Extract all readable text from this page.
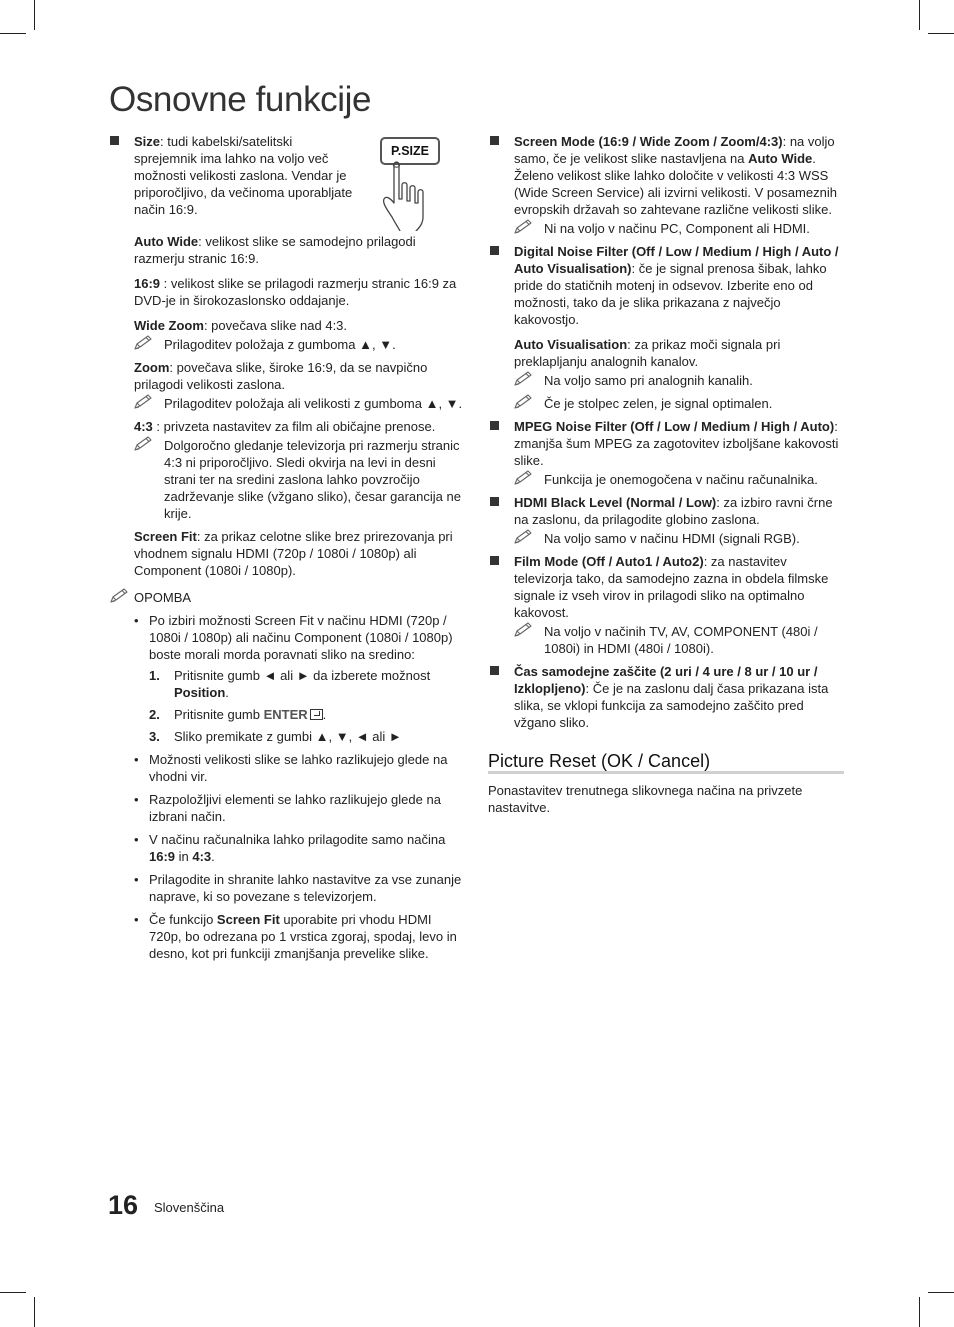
Osnovne funkcije
Size: tudi kabelski/satelitski sprejemnik ima lahko na voljo več možnosti velikosti zaslona. Vendar je priporočljivo, da večinoma uporabljate način 16:9.
P.SIZE
Auto Wide: velikost slike se samodejno prilagodi razmerju stranic 16:9.
16:9 : velikost slike se prilagodi razmerju stranic 16:9 za DVD-je in širokozaslonsko oddajanje.
Wide Zoom: povečava slike nad 4:3.
Prilagoditev položaja z gumboma ▲, ▼.
Zoom: povečava slike, široke 16:9, da se navpično prilagodi velikosti zaslona.
Prilagoditev položaja ali velikosti z gumboma ▲, ▼.
4:3 : privzeta nastavitev za film ali običajne prenose.
Dolgoročno gledanje televizorja pri razmerju stranic 4:3 ni priporočljivo. Sledi okvirja na levi in desni strani ter na sredini zaslona lahko povzročijo zadrževanje slike (vžgano sliko), česar garancija ne krije.
Screen Fit: za prikaz celotne slike brez prirezovanja pri vhodnem signalu HDMI (720p / 1080i / 1080p) ali Component (1080i / 1080p).
OPOMBA
• Po izbiri možnosti Screen Fit v načinu HDMI (720p / 1080i / 1080p) ali načinu Component (1080i / 1080p) boste morali morda poravnati sliko na sredino:
1. Pritisnite gumb ◄ ali ► da izberete možnost Position.
2. Pritisnite gumb ENTER .
3. Sliko premikate z gumbi ▲, ▼, ◄ ali ►
• Možnosti velikosti slike se lahko razlikujejo glede na vhodni vir.
• Razpoložljivi elementi se lahko razlikujejo glede na izbrani način.
• V načinu računalnika lahko prilagodite samo načina 16:9 in 4:3.
• Prilagodite in shranite lahko nastavitve za vse zunanje naprave, ki so povezane s televizorjem.
• Če funkcijo Screen Fit uporabite pri vhodu HDMI 720p, bo odrezana po 1 vrstica zgoraj, spodaj, levo in desno, kot pri funkciji zmanjšanja prevelike slike.
Screen Mode (16:9 / Wide Zoom / Zoom/4:3): na voljo samo, če je velikost slike nastavljena na Auto Wide. Želeno velikost slike lahko določite v velikosti 4:3 WSS (Wide Screen Service) ali izvirni velikosti. V posameznih evropskih državah so zahtevane različne velikosti slike.
Ni na voljo v načinu PC, Component ali HDMI.
Digital Noise Filter (Off / Low / Medium / High / Auto / Auto Visualisation): če je signal prenosa šibak, lahko pride do statičnih motenj in odsevov. Izberite eno od možnosti, tako da je slika prikazana z največjo kakovostjo.
Auto Visualisation: za prikaz moči signala pri preklapljanju analognih kanalov.
Na voljo samo pri analognih kanalih.
Če je stolpec zelen, je signal optimalen.
MPEG Noise Filter (Off / Low / Medium / High / Auto): zmanjša šum MPEG za zagotovitev izboljšane kakovosti slike.
Funkcija je onemogočena v načinu računalnika.
HDMI Black Level (Normal / Low): za izbiro ravni črne na zaslonu, da prilagodite globino zaslona.
Na voljo samo v načinu HDMI (signali RGB).
Film Mode (Off / Auto1 / Auto2): za nastavitev televizorja tako, da samodejno zazna in obdela filmske signale iz vseh virov in prilagodi sliko na optimalno kakovost.
Na voljo v načinih TV, AV, COMPONENT (480i / 1080i) in HDMI (480i / 1080i).
Čas samodejne zaščite (2 uri / 4 ure / 8 ur / 10 ur / Izklopljeno): Če je na zaslonu dalj časa prikazana ista slika, se vklopi funkcija za samodejno zaščito pred vžgano sliko.
Picture Reset (OK / Cancel)
Ponastavitev trenutnega slikovnega načina na privzete nastavitve.
16 Slovenščina
